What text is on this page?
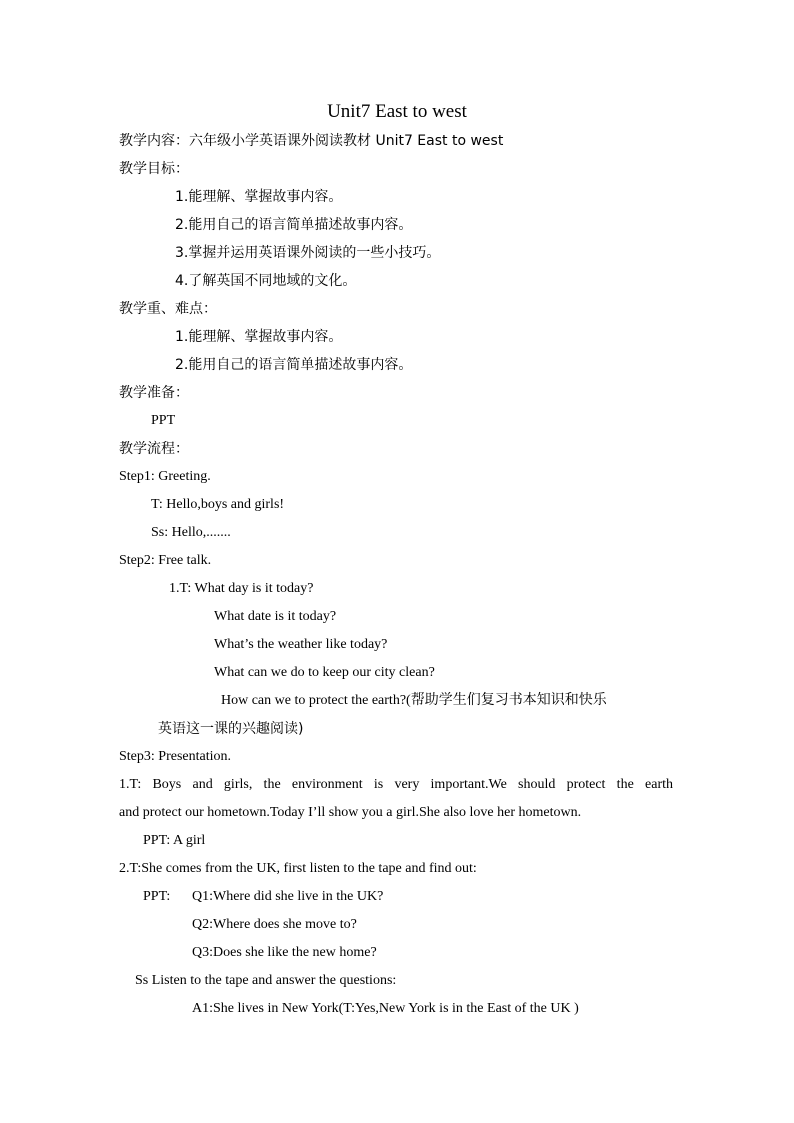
Unit7 East to west
教学内容：六年级小学英语课外阅读教材 Unit7 East to west
教学目标：
1.能理解、掌握故事内容。
2.能用自己的语言简单描述故事内容。
3.掌握并运用英语课外阅读的一些小技巧。
4.了解英国不同地域的文化。
教学重、难点：
1.能理解、掌握故事内容。
2.能用自己的语言简单描述故事内容。
教学准备：
PPT
教学流程：
Step1: Greeting.
T: Hello,boys and girls!
Ss: Hello,.......
Step2: Free talk.
1.T: What day is it today?
What date is it today?
What’s the weather like today?
What can we do to keep our city clean?
How can we to protect the earth?(帮助学生们复习书本知识和快乐
英语这一课的兴趣阅读)
Step3: Presentation.
1.T: Boys and girls, the environment is very important.We should protect the earth
and protect our hometown.Today I’ll show you a girl.She also love her hometown.
PPT: A girl
2.T:She comes from the UK, first listen to the tape and find out:
PPT: Q1:Where did she live in the UK?
Q2:Where does she move to?
Q3:Does she like the new home?
Ss Listen to the tape and answer the questions:
A1:She lives in New York(T:Yes,New York is in the East of the UK )
